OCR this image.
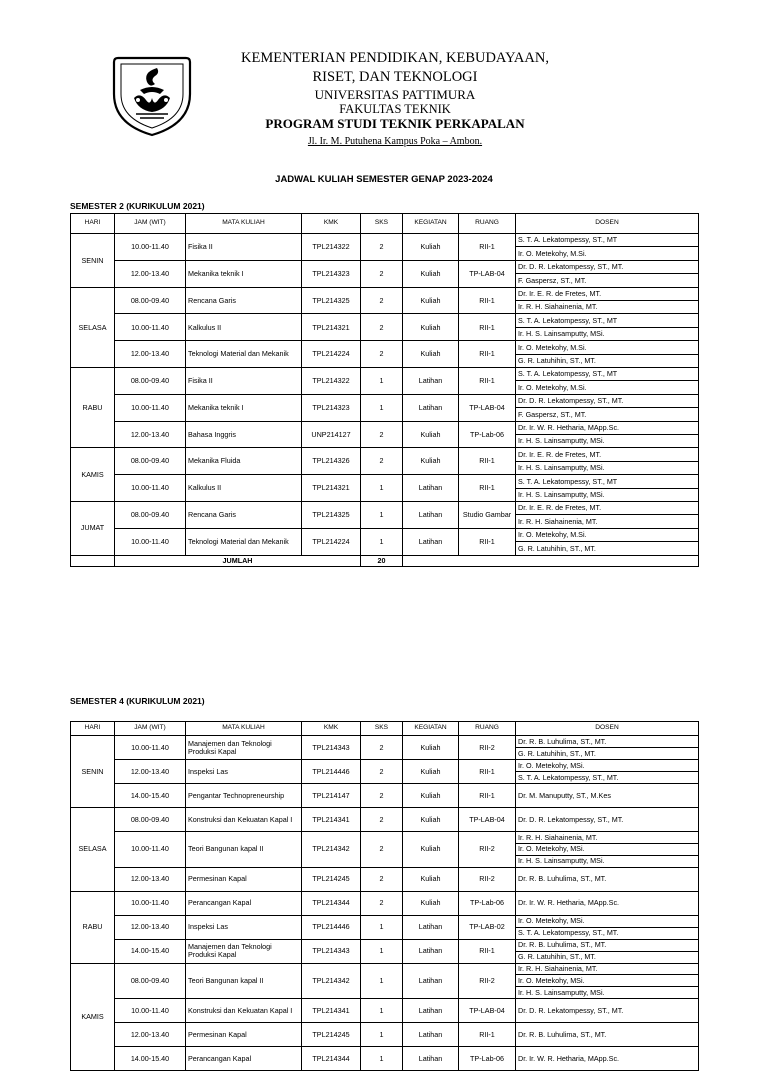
KEMENTERIAN PENDIDIKAN, KEBUDAYAAN,
RISET, DAN TEKNOLOGI
UNIVERSITAS PATTIMURA
FAKULTAS TEKNIK
PROGRAM STUDI TEKNIK PERKAPALAN
Jl. Ir. M. Putuhena Kampus Poka – Ambon.
JADWAL KULIAH SEMESTER GENAP 2023-2024
SEMESTER 2 (KURIKULUM 2021)
HARI	JAM (WIT)	MATA KULIAH	KMK	SKS	KEGIATAN	RUANG	DOSEN
SENIN	10.00-11.40	Fisika II	TPL214322	2	Kuliah	RII-1	S. T. A. Lekatompessy, ST., MT
Ir. O. Metekohy, M.Si.

	12.00-13.40	Mekanika teknik I	TPL214323	2	Kuliah	TP-LAB-04	Dr. D. R. Lekatompessy, ST., MT.
F. Gaspersz, ST., MT.

SELASA	08.00-09.40	Rencana Garis	TPL214325	2	Kuliah	RII-1	Dr. Ir. E. R. de Fretes, MT.
Ir. R. H. Siahainenia, MT.

	10.00-11.40	Kalkulus II	TPL214321	2	Kuliah	RII-1	S. T. A. Lekatompessy, ST., MT
Ir. H. S. Lainsamputty, MSi.

	12.00-13.40	Teknologi Material dan Mekanik	TPL214224	2	Kuliah	RII-1	Ir. O. Metekohy, M.Si.
G. R. Latuhihin, ST., MT.

RABU	08.00-09.40	Fisika II	TPL214322	1	Latihan	RII-1	S. T. A. Lekatompessy, ST., MT
Ir. O. Metekohy, M.Si.

	10.00-11.40	Mekanika teknik I	TPL214323	1	Latihan	TP-LAB-04	Dr. D. R. Lekatompessy, ST., MT.
F. Gaspersz, ST., MT.

	12.00-13.40	Bahasa Inggris	UNP214127	2	Kuliah	TP-Lab-06	Dr. Ir. W. R. Hetharia, MApp.Sc.
Ir. H. S. Lainsamputty, MSi.

KAMIS	08.00-09.40	Mekanika Fluida	TPL214326	2	Kuliah	RII-1	Dr. Ir. E. R. de Fretes, MT.
Ir. H. S. Lainsamputty, MSi.

	10.00-11.40	Kalkulus II	TPL214321	1	Latihan	RII-1	S. T. A. Lekatompessy, ST., MT
Ir. H. S. Lainsamputty, MSi.

JUMAT	08.00-09.40	Rencana Garis	TPL214325	1	Latihan	Studio Gambar	Dr. Ir. E. R. de Fretes, MT.
Ir. R. H. Siahainenia, MT.

	10.00-11.40	Teknologi Material dan Mekanik	TPL214224	1	Latihan	RII-1	Ir. O. Metekohy, M.Si.
G. R. Latuhihin, ST., MT.

	JUMLAH			20			
SEMESTER 4 (KURIKULUM 2021)
HARI	JAM (WIT)	MATA KULIAH	KMK	SKS	KEGIATAN	RUANG	DOSEN
SENIN	10.00-11.40	Manajemen dan Teknologi Produksi Kapal	TPL214343	2	Kuliah	RII-2	Dr. R. B. Luhulima, ST., MT.
G. R. Latuhihin, ST., MT.

	12.00-13.40	Inspeksi Las	TPL214446	2	Kuliah	RII-1	Ir. O. Metekohy, MSi.
S. T. A. Lekatompessy, ST., MT.

	14.00-15.40	Pengantar Technopreneurship	TPL214147	2	Kuliah	RII-1	Dr. M. Manuputty, ST., M.Kes

SELASA	08.00-09.40	Konstruksi dan Kekuatan Kapal I	TPL214341	2	Kuliah	TP-LAB-04	Dr. D. R. Lekatompessy, ST., MT.

	10.00-11.40	Teori Bangunan kapal II	TPL214342	2	Kuliah	RII-2	Ir. R. H. Siahainenia, MT.
Ir. O. Metekohy, MSi.
Ir. H. S. Lainsamputty, MSi.

	12.00-13.40	Permesinan Kapal	TPL214245	2	Kuliah	RII-2	Dr. R. B. Luhulima, ST., MT.

RABU	10.00-11.40	Perancangan Kapal	TPL214344	2	Kuliah	TP-Lab-06	Dr. Ir. W. R. Hetharia, MApp.Sc.

	12.00-13.40	Inspeksi Las	TPL214446	1	Latihan	TP-LAB-02	Ir. O. Metekohy, MSi.
S. T. A. Lekatompessy, ST., MT.

	14.00-15.40	Manajemen dan Teknologi Produksi Kapal	TPL214343	1	Latihan	RII-1	Dr. R. B. Luhulima, ST., MT.
G. R. Latuhihin, ST., MT.

KAMIS	08.00-09.40	Teori Bangunan kapal II	TPL214342	1	Latihan	RII-2	Ir. R. H. Siahainenia, MT.
Ir. O. Metekohy, MSi.
Ir. H. S. Lainsamputty, MSi.

	10.00-11.40	Konstruksi dan Kekuatan Kapal I	TPL214341	1	Latihan	TP-LAB-04	Dr. D. R. Lekatompessy, ST., MT.

	12.00-13.40	Permesinan Kapal	TPL214245	1	Latihan	RII-1	Dr. R. B. Luhulima, ST., MT.

	14.00-15.40	Perancangan Kapal	TPL214344	1	Latihan	TP-Lab-06	Dr. Ir. W. R. Hetharia, MApp.Sc.
